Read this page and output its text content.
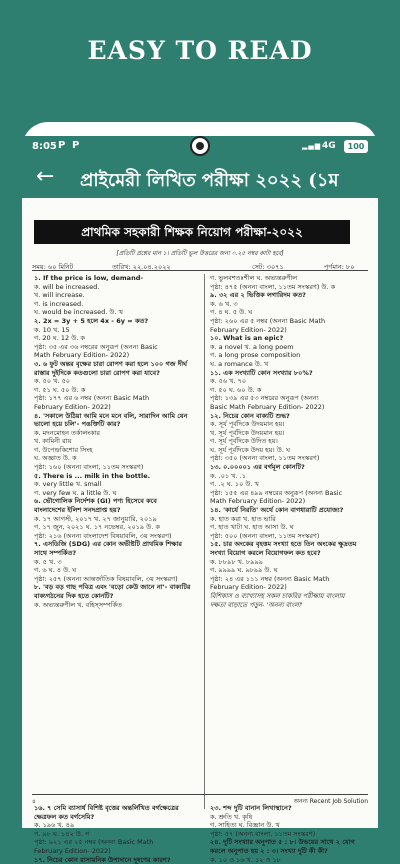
EASY TO READ
8:05 P P	▂▄▆ 4G	100
← প্রাইমেরী লিখিত পরীক্ষা ২০২২ (১ম
প্রাথমিক সহকারী শিক্ষক নিয়োগ পরীক্ষা-২০২২
[প্রতিটি প্রশ্নের মান ১। প্রতিটি ভুল উত্তরের জন্য ০.২৫ নম্বর কাটা হবে]
সময়: ৬০ মিনিট	তারিখ: ২২.০৪.২০২২	সেট: ৩০৭১	পূর্ণমান: ৮০
১. If the price is low, demand-
ক. will be increased.
খ. will increase.
গ. is increased.
ঘ. would be increased. উ. খ
২. 2x = 3y + 5 হলে 4x - 6y = কত?
ক. 10 খ. 15
গ. 20 ঘ. 12 উ. ক
পৃষ্ঠা: ৩৫ এর ৩৬ নম্বরের অনুরূপ (অনন্য Basic
Math February Edition- 2022)
৩. ৬ ফুট অন্তর বৃক্ষের চারা রোপণ করা হলে ১০০ গজ দীর্ঘ
রাস্তার দুইদিকে কতগুলো চারা রোপণ করা যাবে?
ক. ৫০ খ. ৫০
গ. ৫১ ঘ. ৫০ উ. ক
পৃষ্ঠা: ১৭৭ এর ৬ নম্বর (অনন্য Basic Math
February Edition- 2022)
৪. 'সকালে উঠিয়া আমি মনে মনে বলি, সারাদিন আমি যেন
ভালো হয়ে চলি'- পঙক্তিটি কার?
ক. মদনমোহন তর্কালংকার
খ. কামিনী রায়
গ. উপেন্দ্রকিশোর সিংহ
ঘ. অজ্ঞাত উ. ক
পৃষ্ঠা: ১৬০ (অনন্য বাংলা, ১১তম সংস্করণ)
৫. There is ... milk in the bottle.
ক. very little খ. small
গ. very few ঘ. a little উ. ঘ
৬. ভৌগোলিক নির্দেশক (GI) পণ্য হিসেবে কবে
বাংলাদেশের ইলিশ সনদপ্রাপ্ত হয়?
ক. ১৭ আগস্ট, ২০১৭ খ. ২৭ জানুয়ারি, ২০১৯
গ. ১৭ জুন, ২০২১ ঘ. ১৭ নভেম্বর, ২০১৯ উ. ক
পৃষ্ঠা: ২১৬ (অনন্য বাংলাদেশ বিষয়াবলি, ৩য় সংস্করণ)
৭. এসডিজি (SDG) এর কোন অভীষ্টটি প্রাথমিক শিক্ষার
সাথে সম্পর্কিত?
ক. ৫ খ. ৩
গ. ৬ ঘ. ৪ উ. ঘ
পৃষ্ঠা: ২৫৭ (অনন্য আন্তর্জাতিক বিষয়াবলি, ৩য় সংস্করণ)
৮. 'বড় বড় গাছ পবিত্র এবং 'বড়ো কেউ জানে না'- বাক্যটির
বাক্যগঠনের দিক হতে কোনটি?
ক. অভ্যন্তরুণীল খ. বহিস্সম্পর্কিত
গ. ভুলবশতঃশীল ঘ. অভ্যন্তরুণীল
পৃষ্ঠা: ৪৭৫ (অনন্য বাংলা, ১১তম সংস্করণ) উ. ক
৯. ৩২ এর ২ ভিত্তিক লগারিদম কত?
ক. ৬ খ. ৩
গ. ৪ ঘ. ৫ উ. ঘ
পৃষ্ঠা: ২৬০ এর ৫ নম্বর (অনন্য Basic Math
February Edition- 2022)
১০. What is an epic?
ক. a novel খ. a long poem
গ. a long prose composition
ঘ. a romance উ. খ
১১. এক সংখ্যাটি কোন সংখ্যার ৮০%?
ক. ৫৬ খ. ৭০
গ. ৫০ ঘ. ৬০ উ. ক
পৃষ্ঠা: ১৩৯ এর ৫৩ নম্বরের অনুরূপ (অনন্য
Basic Math February Edition- 2022)
১২. নিচের কোন বাক্যটি শুদ্ধ?
ক. সূর্য পূর্বদিকে উদয়মান হয়।
খ. সূর্য পূর্বদিকে উদয়মান হয়।
গ. সূর্য পূর্বদিকে উদিত হয়।
ঘ. সূর্য পূর্বদিকে উদয় হয়। উ. ঘ
পৃষ্ঠা: ৩৫০ (অনন্য বাংলা, ১১তম সংস্করণ)
১৩. ০.০০০০১ এর বর্গমূল কোনটি?
ক. .০১ খ. .১
গ. .২ ঘ. ১০ উ. খ
পৃষ্ঠা: ১৫৫ এর ৪৯৯ নম্বরের অনুরূপ (অনন্য Basic
Math February Edition- 2022)
১৪. 'কার্যে নিরতি' অর্থে কোন বাগধারাটি প্রযোজ্য?
ক. হাত করা খ. হাত ভারি
গ. হাত খাটা ঘ. হাত আসা উ. ঘ
পৃষ্ঠা: ৫০০ (অনন্য বাংলা, ১১তম সংস্করণ)
১৫. চার অংকের বৃহত্তম সংখ্যা হতে তিন অংকের ক্ষুদ্রতম
সংখ্যা বিয়োগ করলে বিয়োগফল কত হবে?
ক. ৮৮৯৮ খ. ৮৯৯৯
গ. ৯৯৯৯ ঘ. ৯৮৯৯ উ. ঘ
পৃষ্ঠা: ২৪ এর ১১১ নম্বর (অনন্য Basic Math
February Edition- 2022)
বিশিকাস ও ব্যাখ্যাসহ সকল চাকরির পরীক্ষায় বাংলায়
দক্ষতা বাড়াতে পড়ুন- 'অনন্য বাংলা'
৪	অনন্য Recent Job Solution
১৬. ৭ সেমি ব্যাসার্ধ বিশিষ্ট বৃত্তের অন্তর্লিখিত বর্গক্ষেত্রের
ক্ষেত্রফল কত বর্গসেমি?
ক. ১৯৬ খ. ৪৯
গ. ৯৮ ঘ. ১৪২ উ. গ
পৃষ্ঠা: ৯২১ এর ২৫ নম্বর (অনন্য Basic Math
February Edition- 2022)
১৭. নিচের কোন রাসায়নিক উপাদানে দূষণের কারণ?
২৩. শব্দ দুটি বানান লিখাস্থানে?
ক. শ্রুতি খ. কৃষি
গ. সাহিত্য ঘ. বিজ্ঞান উ. খ
পৃষ্ঠা: ৫৭ (অনন্য বাংলা, ১১তম সংস্করণ)
২৪. দুটি সংখ্যার অনুপাত ৫ : ৮। উভয়ের সাথে ২ যোগ
করলে অনুপাত হয় ২ : ৩। সংখ্যা দুটি কী কী?
ক. ১০ ও ১৬ খ. ১২ ও ১৮
